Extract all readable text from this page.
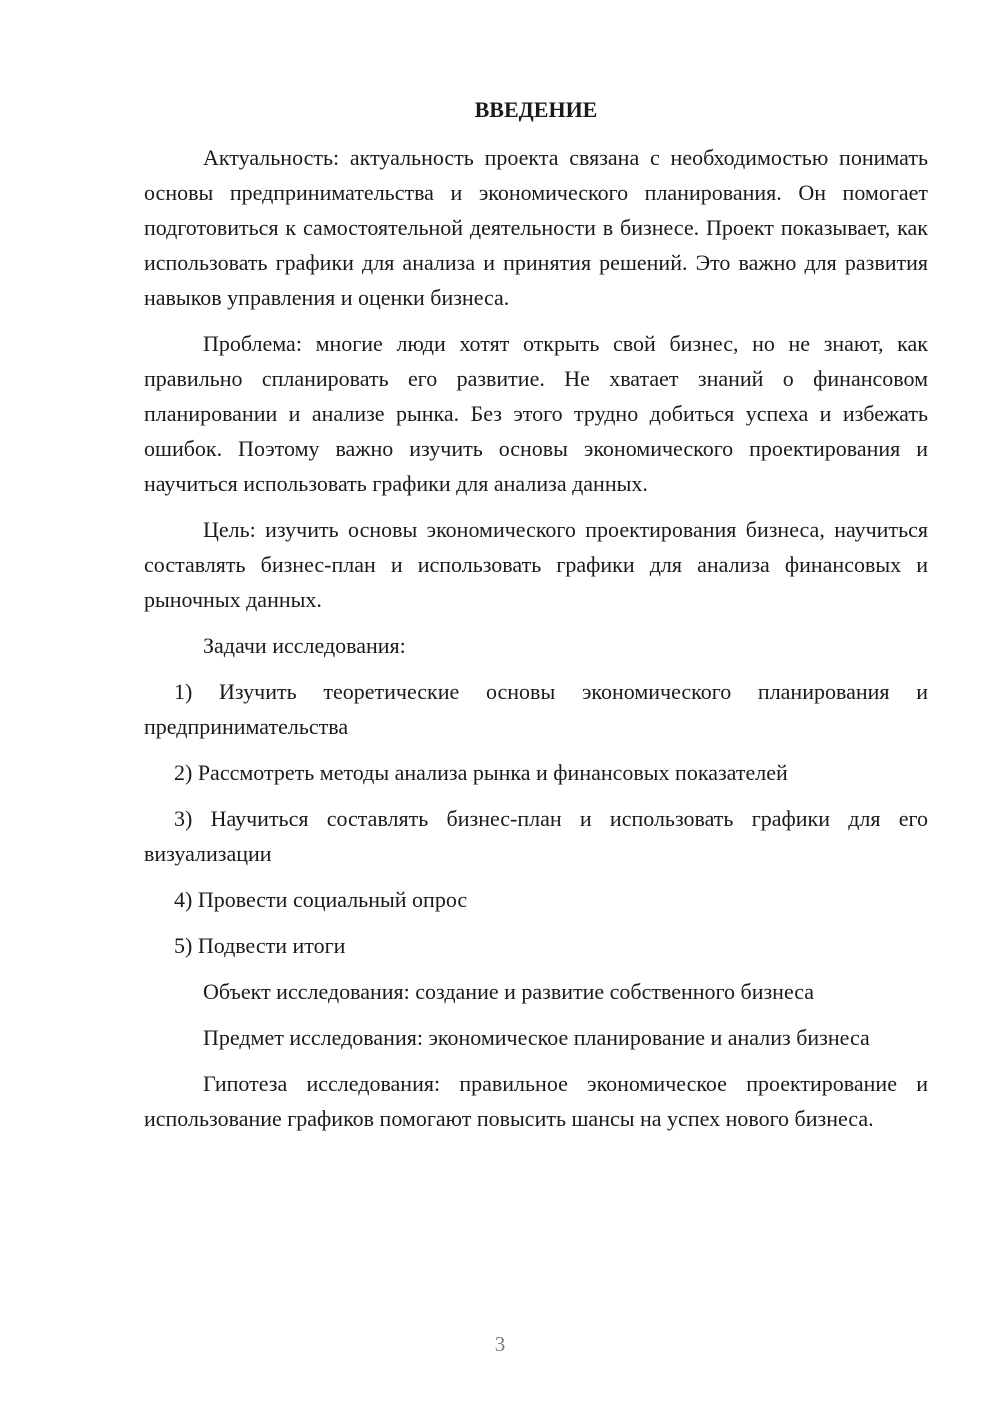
ВВЕДЕНИЕ

Актуальность: актуальность проекта связана с необходимостью понимать основы предпринимательства и экономического планирования. Он помогает подготовиться к самостоятельной деятельности в бизнесе. Проект показывает, как использовать графики для анализа и принятия решений. Это важно для развития навыков управления и оценки бизнеса.

Проблема: многие люди хотят открыть свой бизнес, но не знают, как правильно спланировать его развитие. Не хватает знаний о финансовом планировании и анализе рынка. Без этого трудно добиться успеха и избежать ошибок. Поэтому важно изучить основы экономического проектирования и научиться использовать графики для анализа данных.

Цель: изучить основы экономического проектирования бизнеса, научиться составлять бизнес-план и использовать графики для анализа финансовых и рыночных данных.

Задачи исследования:

1) Изучить теоретические основы экономического планирования и предпринимательства

2) Рассмотреть методы анализа рынка и финансовых показателей

3) Научиться составлять бизнес-план и использовать графики для его визуализации

4) Провести социальный опрос

5) Подвести итоги

Объект исследования: создание и развитие собственного бизнеса

Предмет исследования: экономическое планирование и анализ бизнеса

Гипотеза исследования: правильное экономическое проектирование и использование графиков помогают повысить шансы на успех нового бизнеса.

3
